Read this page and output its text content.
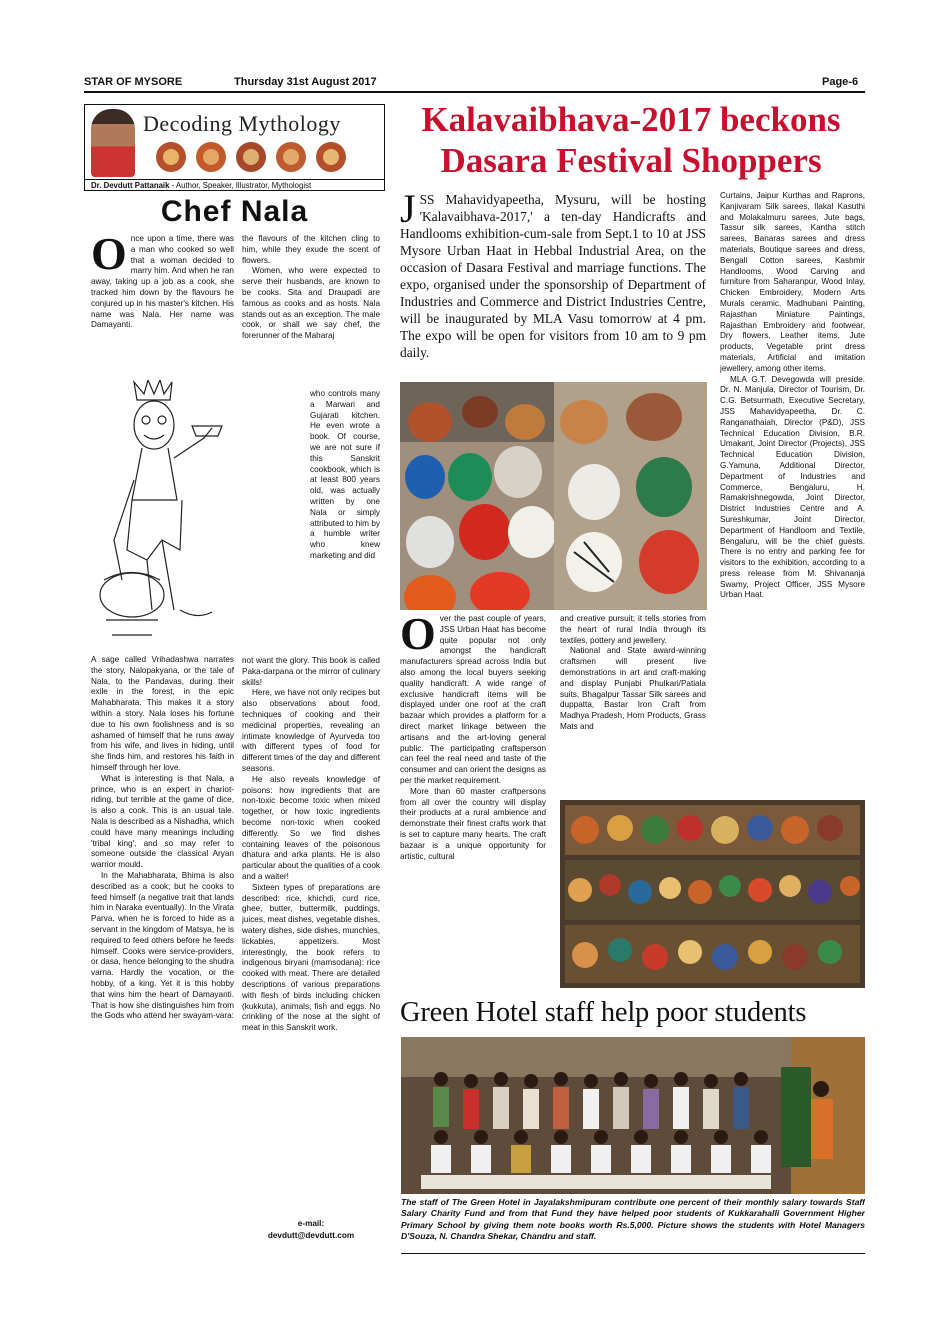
STAR OF MYSORE	Thursday 31st August 2017	Page-6
Decoding Mythology
Dr. Devdutt Pattanaik - Author, Speaker, Illustrator, Mythologist
Chef Nala

Once upon a time, there was a man who cooked so well that a woman decided to marry him. And when he ran away, taking up a job as a cook, she tracked him down by the flavours he conjured up in his master's kitchen. His name was Nala. Her name was Damayanti.

A sage called Vrihadashwa narrates the story, Nalopakyana, or the tale of Nala, to the Pandavas, during their exile in the forest, in the epic Mahabharata. This makes it a story within a story. Nala loses his fortune due to his own foolishness and is so ashamed of himself that he runs away from his wife, and lives in hiding, until she finds him, and restores his faith in himself through her love.

What is interesting is that Nala, a prince, who is an expert in chariot-riding, but terrible at the game of dice, is also a cook. This is an usual tale. Nala is described as a Nishadha, which could have many meanings including 'tribal king', and so may refer to someone outside the classical Aryan warrior mould.

In the Mahabharata, Bhima is also described as a cook; but he cooks to feed himself (a negative trait that lands him in Naraka eventually). In the Virata Parva, when he is forced to hide as a servant in the kingdom of Matsya, he is required to feed others before he feeds himself. Cooks were service-providers, or dasa, hence belonging to the shudra varna. Hardly the vocation, or the hobby, of a king. Yet it is this hobby that wins him the heart of Damayanti. That is how she distinguishes him from the Gods who attend her swayam-vara:

the flavours of the kitchen cling to him, while they exude the scent of flowers.

Women, who were expected to serve their husbands, are known to be cooks. Sita and Draupadi are famous as cooks and as hosts. Nala stands out as an exception. The male cook, or shall we say chef, the forerunner of the Maharaj

who controls many a Marwari and Gujarati kitchen. He even wrote a book. Of course, we are not sure if this Sanskrit cookbook, which is at least 800 years old, was actually written by one Nala or simply attributed to him by a humble writer who knew marketing and did

not want the glory. This book is called Paka-darpana or the mirror of culinary skills!

Here, we have not only recipes but also observations about food, techniques of cooking and their medicinal properties, revealing an intimate knowledge of Ayurveda too with different types of food for different times of the day and different seasons.

He also reveals knowledge of poisons: how ingredients that are non-toxic become toxic when mixed together, or how toxic ingredients become non-toxic when cooked differently. So we find dishes containing leaves of the poisonous dhatura and arka plants. He is also particular about the qualities of a cook and a waiter!

Sixteen types of preparations are described: rice, khichdi, curd rice, ghee, butter, buttermilk, puddings, juices, meat dishes, vegetable dishes, watery dishes, side dishes, munchies, lickables, appetizers. Most interestingly, the book refers to indigenous biryani (mamsodana): rice cooked with meat. There are detailed descriptions of various preparations with flesh of birds including chicken (kukkuta), animals, fish and eggs. No crinkling of the nose at the sight of meat in this Sanskrit work.

e-mail:
devdutt@devdutt.com
Kalavaibhava-2017 beckons
Dasara Festival Shoppers
JSS Mahavidyapeetha, Mysuru, will be hosting 'Kalavaibhava-2017,' a ten-day Handicrafts and Handlooms exhibition-cum-sale from Sept.1 to 10 at JSS Mysore Urban Haat in Hebbal Industrial Area, on the occasion of Dasara Festival and marriage functions. The expo, organised under the sponsorship of Department of Industries and Commerce and District Industries Centre, will be inaugurated by MLA Vasu tomorrow at 4 pm. The expo will be open for visitors from 10 am to 9 pm daily.

Over the past couple of years, JSS Urban Haat has become quite popular not only amongst the handicraft manufacturers spread across India but also among the local buyers seeking quality handicraft. A wide range of exclusive handicraft items will be displayed under one roof at the craft bazaar which provides a platform for a direct market linkage between the artisans and the art-loving general public. The participating craftsperson can feel the real need and taste of the consumer and can orient the designs as per the market requirement.

More than 60 master craftpersons from all over the country will display their products at a rural ambience and demonstrate their finest crafts work that is set to capture many hearts. The craft bazaar is a unique opportunity for artistic, cultural

and creative pursuit; it tells stories from the heart of rural India through its textiles, pottery and jewellery.

National and State award-winning craftsmen will present live demonstrations in art and craft-making and display Punjabi Phulkari/Patiala suits, Bhagalpur Tassar Silk sarees and duppatta, Bastar Iron Craft from Madhya Pradesh, Horn Products, Grass Mats and

Curtains, Jaipur Kurthas and Raprons, Kanjivaram Silk sarees, Ilakal Kasuthi and Molakalmuru sarees, Jute bags, Tassur silk sarees, Kantha stitch sarees, Banaras sarees and dress materials, Boutique sarees and dress, Bengali Cotton sarees, Kashmir Handlooms, Wood Carving and furniture from Saharanpur, Wood Inlay, Chicken Embroidery, Modern Arts Murals ceramic, Madhubani Painting, Rajasthan Miniature Paintings, Rajasthan Embroidery and footwear, Dry flowers, Leather items, Jute products, Vegetable print dress materials, Artificial and imitation jewellery, among other items.

MLA G.T. Devegowda will preside. Dr. N. Manjula, Director of Tourism, Dr. C.G. Betsurmath, Executive Secretary, JSS Mahavidyapeetha, Dr. C. Ranganathaiah, Director (P&D), JSS Technical Education Division, B.R. Umakant, Joint Director (Projects), JSS Technical Education Division, G.Yamuna, Additional Director, Department of Industries and Commerce, Bengaluru, H. Ramakrishnegowda, Joint Director, District Industries Centre and A. Sureshkumar, Joint Director, Department of Handloom and Textile, Bengaluru, will be the chief guests. There is no entry and parking fee for visitors to the exhibition, according to a press release from M. Shivananja Swamy, Project Officer, JSS Mysore Urban Haat.

Green Hotel staff help poor students
The staff of The Green Hotel in Jayalakshmipuram contribute one percent of their monthly salary towards Staff Salary Charity Fund and from that Fund they have helped poor students of Kukkarahalli Government Higher Primary School by giving them note books worth Rs.5,000. Picture shows the students with Hotel Managers D'Souza, N. Chandra Shekar, Chandru and staff.
